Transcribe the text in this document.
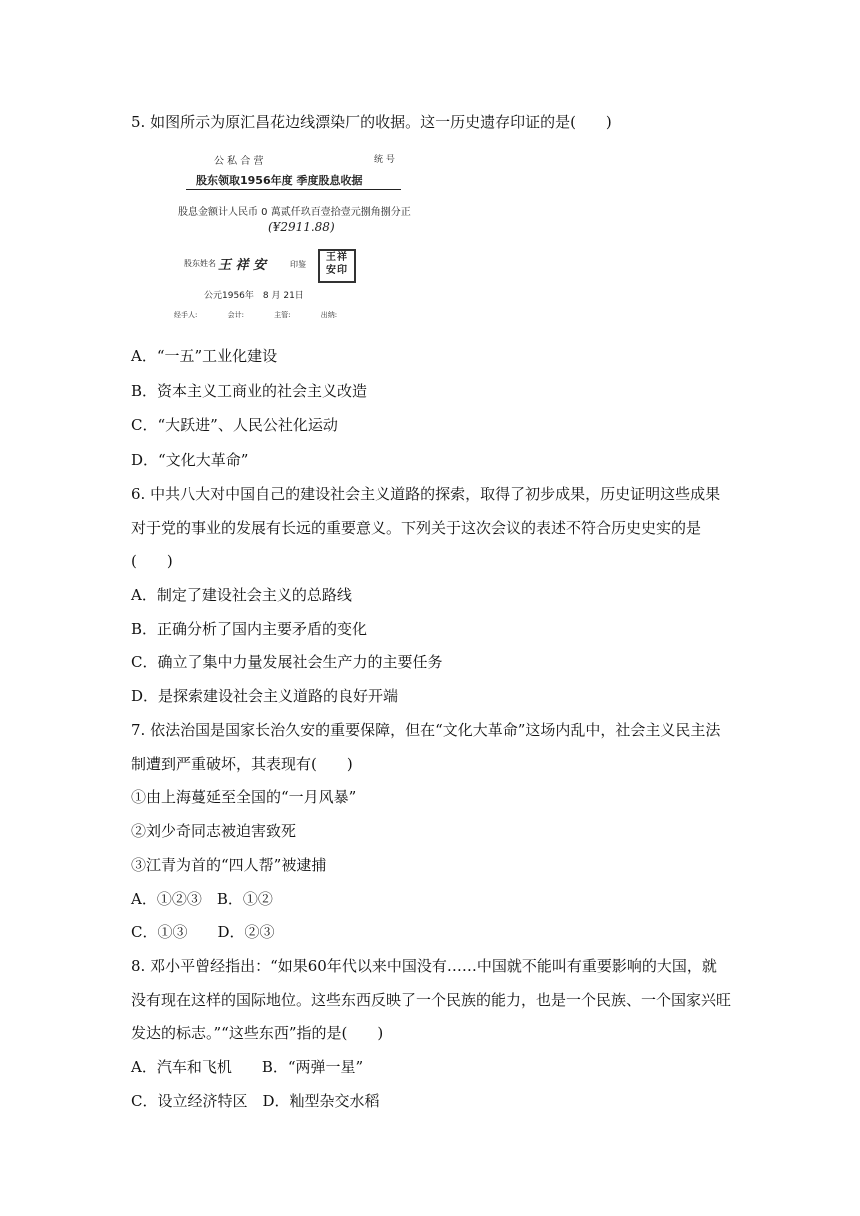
5. 如图所示为原汇昌花边线漂染厂的收据。这一历史遗存印证的是(　　)
公 私 合 营	统 号
股东领取1956年度 季度股息收据
股息金额计人民币 0 萬贰仟玖百壹拾壹元捌角捌分正
(¥2911.88)
股东姓名 王 祥 安	印鉴
王祥
安印
公元1956年　8 月 21日
经手人: 会计: 主管: 出纳:
A．“一五”工业化建设
B．资本主义工商业的社会主义改造
C．“大跃进”、人民公社化运动
D．“文化大革命”
6. 中共八大对中国自己的建设社会主义道路的探索，取得了初步成果，历史证明这些成果
对于党的事业的发展有长远的重要意义。下列关于这次会议的表述不符合历史史实的是
(　　)
A．制定了建设社会主义的总路线
B．正确分析了国内主要矛盾的变化
C．确立了集中力量发展社会生产力的主要任务
D．是探索建设社会主义道路的良好开端
7. 依法治国是国家长治久安的重要保障，但在“文化大革命”这场内乱中，社会主义民主法
制遭到严重破坏，其表现有(　　)
①由上海蔓延至全国的“一月风暴”
②刘少奇同志被迫害致死
③江青为首的“四人帮”被逮捕
A．①②③　B．①②
C．①③　　D．②③
8. 邓小平曾经指出：“如果60年代以来中国没有……中国就不能叫有重要影响的大国，就
没有现在这样的国际地位。这些东西反映了一个民族的能力，也是一个民族、一个国家兴旺
发达的标志。”“这些东西”指的是(　　)
A．汽车和飞机　　B．“两弹一星”
C．设立经济特区　D．籼型杂交水稻
